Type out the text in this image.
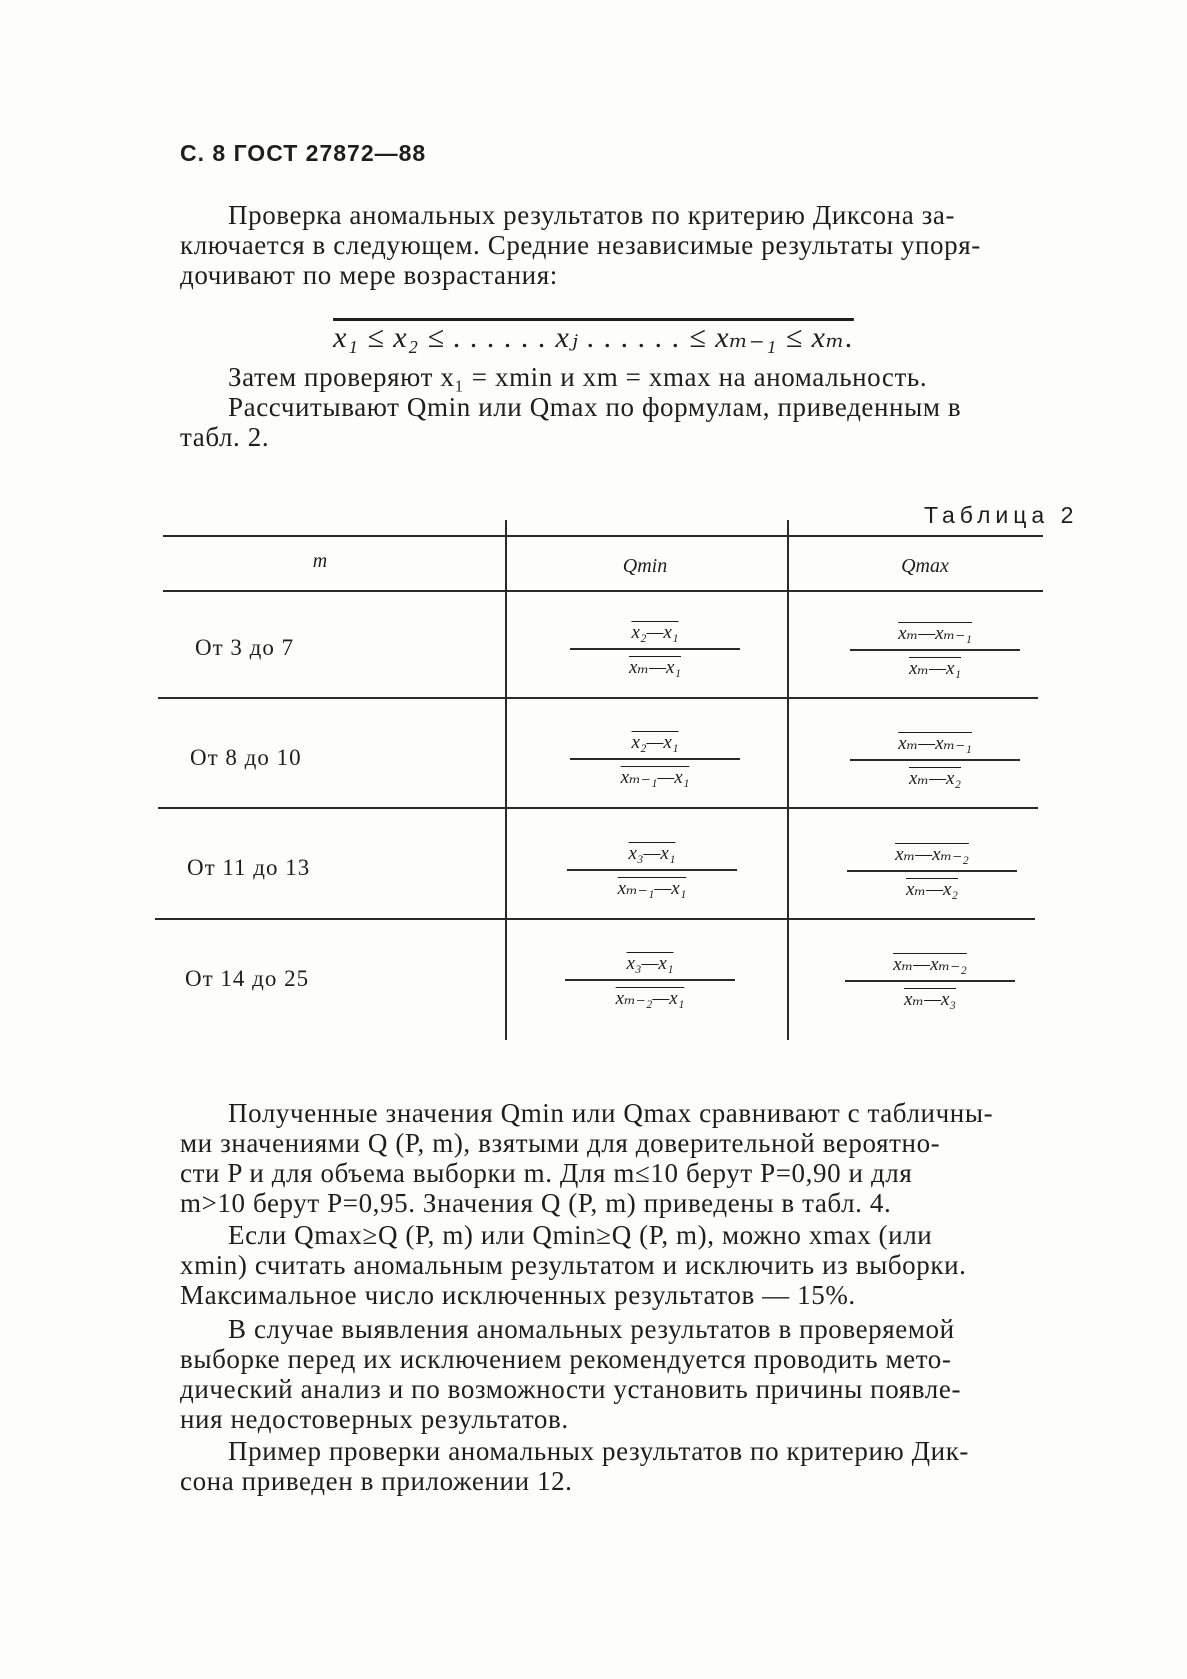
С. 8 ГОСТ 27872—88
Проверка аномальных результатов по критерию Диксона за-
ключается в следующем. Средние независимые результаты упоря-
дочивают по мере возрастания:
x₁ ≤ x₂ ≤ . . . . . . xⱼ . . . . . . ≤ xₘ₋₁ ≤ xₘ.
Затем проверяют x₁ = xmin и xm = xmax на аномальность.
Рассчитывают Qmin или Qmax по формулам, приведенным в
табл. 2.
Таблица 2
m	Qmin	Qmax
От 3 до 7	$\frac{\text{x₂—x₁}}{\text{xₘ—x₁}}$	$\frac{\text{xₘ—xₘ₋₁}}{\text{xₘ—x₁}}$
От 8 до 10	$\frac{\text{x₂—x₁}}{\text{xₘ₋₁—x₁}}$	$\frac{\text{xₘ—xₘ₋₁}}{\text{xₘ—x₂}}$
От 11 до 13	$\frac{\text{x₃—x₁}}{\text{xₘ₋₁—x₁}}$	$\frac{\text{xₘ—xₘ₋₂}}{\text{xₘ—x₂}}$
От 14 до 25	$\frac{\text{x₃—x₁}}{\text{xₘ₋₂—x₁}}$	$\frac{\text{xₘ—xₘ₋₂}}{\text{xₘ—x₃}}$
Полученные значения Qmin или Qmax сравнивают с табличны-
ми значениями Q (P, m), взятыми для доверительной вероятно-
сти P и для объема выборки m. Для m≤10 берут P=0,90 и для
m>10 берут P=0,95. Значения Q (P, m) приведены в табл. 4.
Если Qmax≥Q (P, m) или Qmin≥Q (P, m), можно xmax (или
xmin) считать аномальным результатом и исключить из выборки.
Максимальное число исключенных результатов — 15%.
В случае выявления аномальных результатов в проверяемой
выборке перед их исключением рекомендуется проводить мето-
дический анализ и по возможности установить причины появле-
ния недостоверных результатов.
Пример проверки аномальных результатов по критерию Дик-
сона приведен в приложении 12.
